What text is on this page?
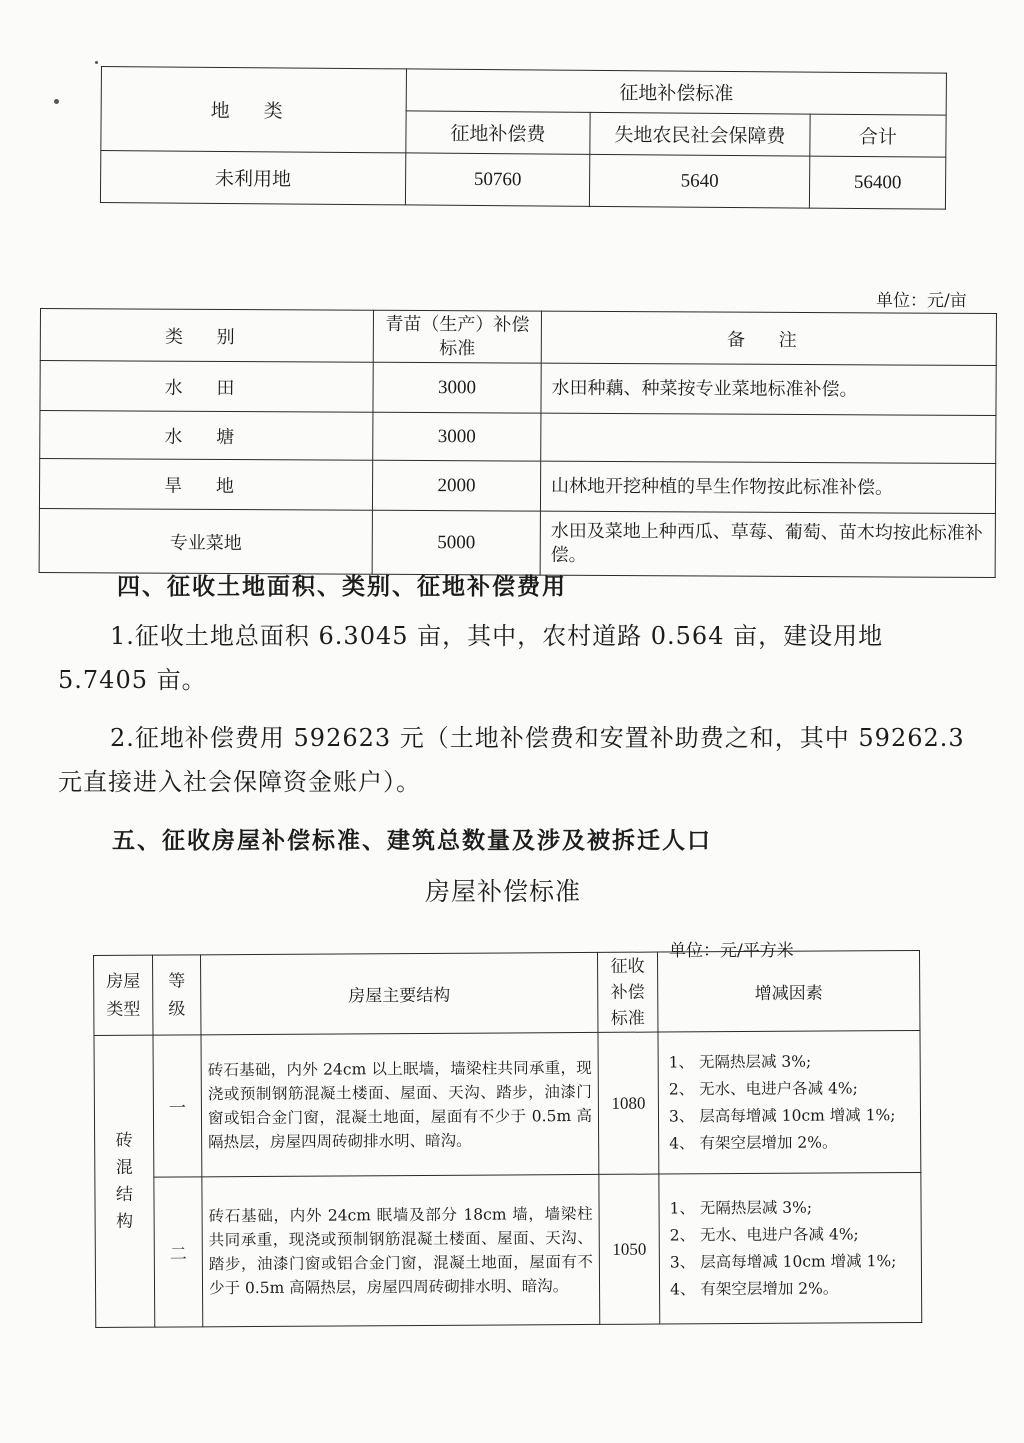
地 类	征地补偿标准		
	征地补偿费	失地农民社会保障费	合计
未利用地	50760	5640	56400
单位：元/亩
类 别	青苗（生产）补偿标准	备 注
水 田	3000	水田种藕、种菜按专业菜地标准补偿。
水 塘	3000	
旱 地	2000	山林地开挖种植的旱生作物按此标准补偿。
专业菜地	5000	水田及菜地上种西瓜、草莓、葡萄、苗木均按此标准补偿。
四、征收土地面积、类别、征地补偿费用
1.征收土地总面积 6.3045 亩，其中，农村道路 0.564 亩，建设用地 5.7405 亩。
2.征地补偿费用 592623 元（土地补偿费和安置补助费之和，其中 59262.3 元直接进入社会保障资金账户）。
五、征收房屋补偿标准、建筑总数量及涉及被拆迁人口
房屋补偿标准
单位：元/平方米
房屋类型	等级	房屋主要结构	征收补偿标准	增减因素

砖混结构	一	砖石基础，内外 24cm 以上眠墙，墙梁柱共同承重，现浇或预制钢筋混凝土楼面、屋面、天沟、踏步，油漆门窗或铝合金门窗，混凝土地面，屋面有不少于 0.5m 高隔热层，房屋四周砖砌排水明、暗沟。	1080	1、 无隔热层减 3%;
2、 无水、电进户各减 4%;
3、 层高每增减 10cm 增减 1%;
4、 有架空层增加 2%。

	二	砖石基础，内外 24cm 眠墙及部分 18cm 墙，墙梁柱共同承重，现浇或预制钢筋混凝土楼面、屋面、天沟、踏步，油漆门窗或铝合金门窗，混凝土地面，屋面有不少于 0.5m 高隔热层，房屋四周砖砌排水明、暗沟。	1050	1、 无隔热层减 3%;
2、 无水、电进户各减 4%;
3、 层高每增减 10cm 增减 1%;
4、 有架空层增加 2%。
